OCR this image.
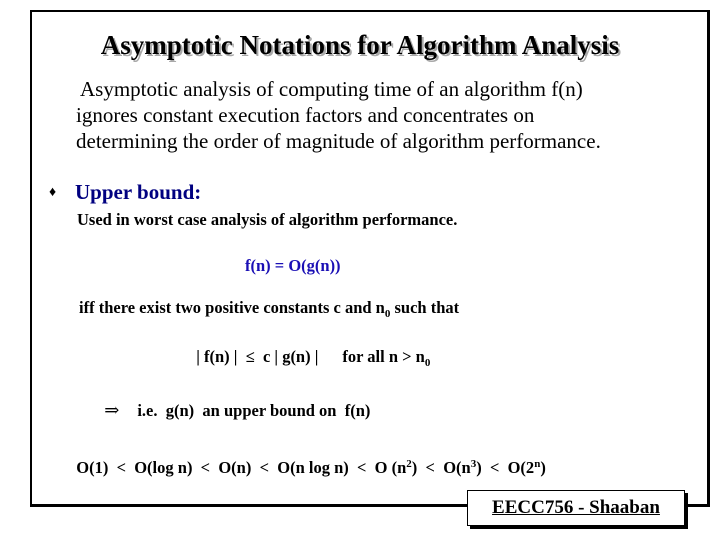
Asymptotic Notations for Algorithm Analysis
Asymptotic analysis of computing time of an algorithm f(n)
ignores constant execution factors and concentrates on
determining the order of magnitude of algorithm performance.
♦ Upper bound:
Used in worst case analysis of algorithm performance.
f(n) = O(g(n))
iff there exist two positive constants c and $n_0$ such that

| f(n) |  ≤  c | g(n) | for all $n > n_0$

⇒ i.e.  g(n)  an upper bound on  f(n)

O(1)  <  O(log n)  <  O(n)  <  O(n log n)  <  O $(n^2) < O(n^3) < O(2^n)$

EECC756 - Shaaban
